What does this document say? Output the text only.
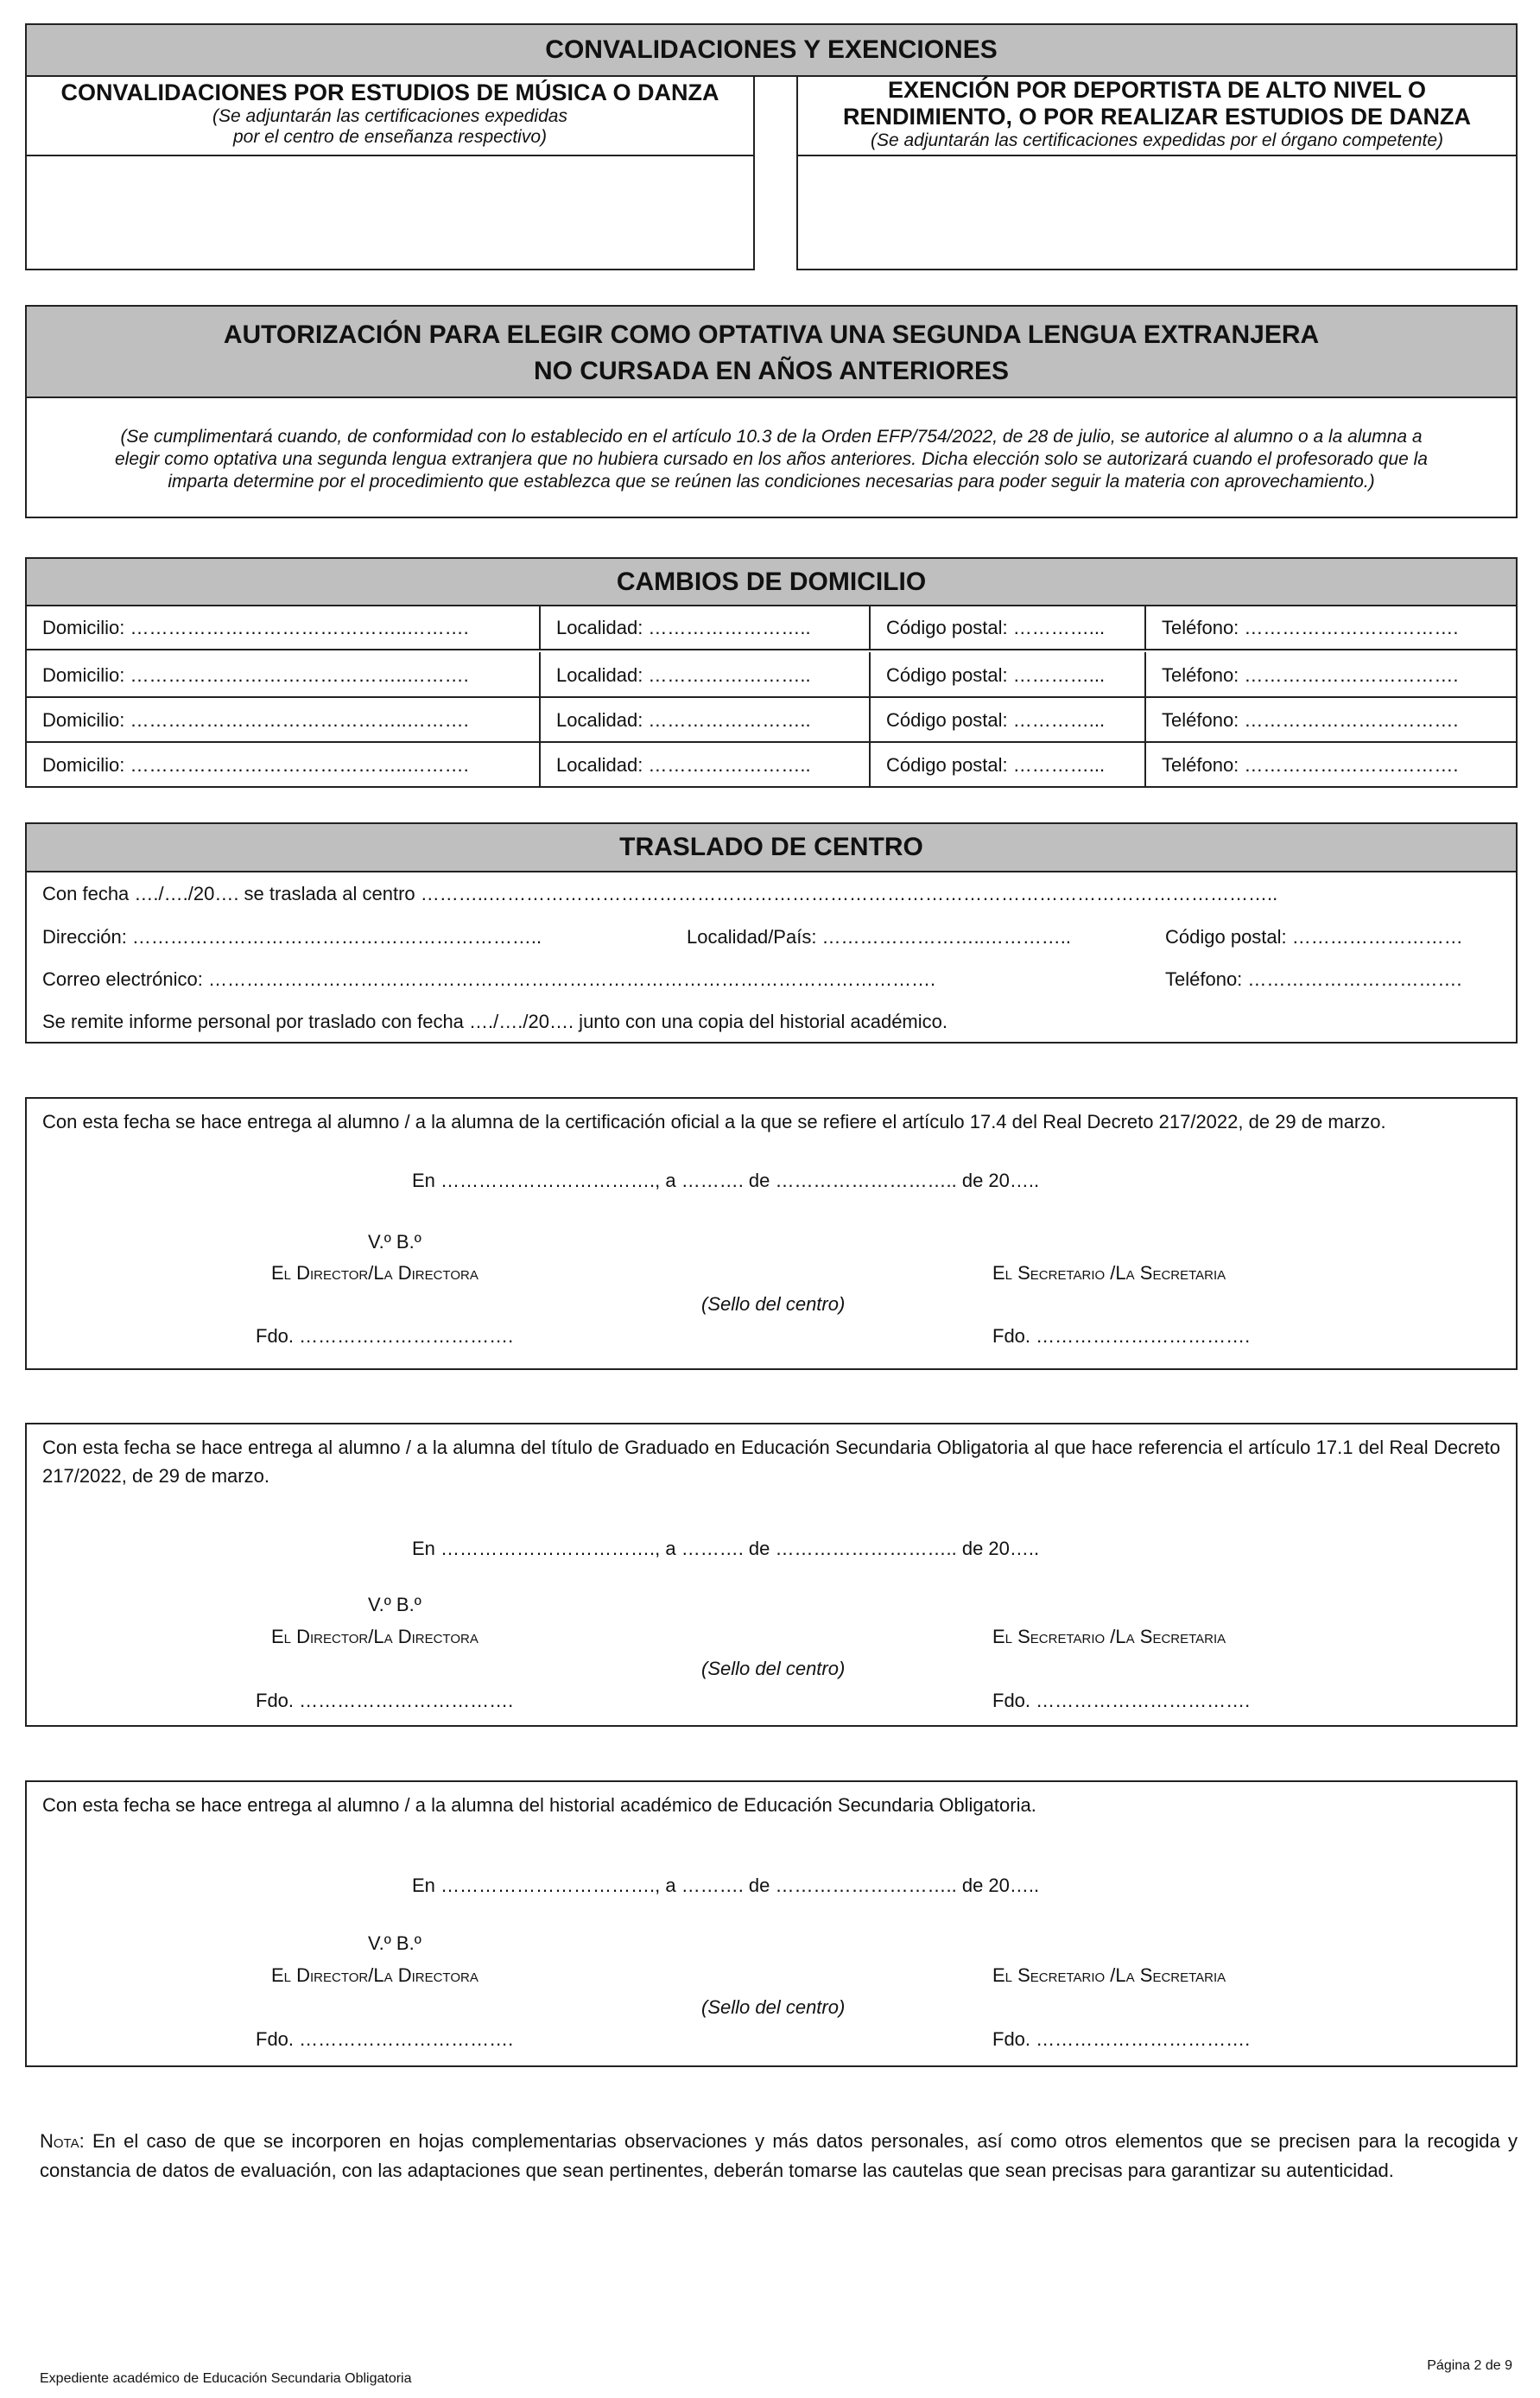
CONVALIDACIONES Y EXENCIONES
CONVALIDACIONES POR ESTUDIOS DE MÚSICA O DANZA
(Se adjuntarán las certificaciones expedidas
por el centro de enseñanza respectivo)
EXENCIÓN POR DEPORTISTA DE ALTO NIVEL O
RENDIMIENTO, O POR REALIZAR ESTUDIOS DE DANZA
(Se adjuntarán las certificaciones expedidas por el órgano competente)
AUTORIZACIÓN PARA ELEGIR COMO OPTATIVA UNA SEGUNDA LENGUA EXTRANJERA
NO CURSADA EN AÑOS ANTERIORES
(Se cumplimentará cuando, de conformidad con lo establecido en el artículo 10.3 de la Orden EFP/754/2022, de 28 de julio, se autorice al alumno o a la alumna a
elegir como optativa una segunda lengua extranjera que no hubiera cursado en los años anteriores. Dicha elección solo se autorizará cuando el profesorado que la
imparta determine por el procedimiento que establezca que se reúnen las condiciones necesarias para poder seguir la materia con aprovechamiento.)
CAMBIOS DE DOMICILIO
Domicilio: ……………………………………..……….	Localidad: ……………………..	Código postal: …………...	Teléfono: …………………………….
Domicilio: ……………………………………..……….	Localidad: ……………………..	Código postal: …………...	Teléfono: …………………………….
Domicilio: ……………………………………..……….	Localidad: ……………………..	Código postal: …………...	Teléfono: …………………………….
Domicilio: ……………………………………..……….	Localidad: ……………………..	Código postal: …………...	Teléfono: …………………………….
TRASLADO DE CENTRO
Con fecha …./…./20…. se traslada al centro ………..……………………………………………………………………………………………………………..
Dirección: ………………………………………………………..	Localidad/País: ……………………..…………..	Código postal: ………………………
Correo electrónico: …………………………………………………………………………………………………….	Teléfono: …………………………….
Se remite informe personal por traslado con fecha …./…./20…. junto con una copia del historial académico.
Con esta fecha se hace entrega al alumno / a la alumna de la certificación oficial a la que se refiere el artículo 17.4 del Real Decreto 217/2022, de 29 de marzo.
En ……………………………., a ………. de ……………………….. de 20…..
V.º B.º
El Director/La Directora	El Secretario /La Secretaria
(Sello del centro)
Fdo. …………………………….	Fdo. …………………………….
Con esta fecha se hace entrega al alumno / a la alumna del título de Graduado en Educación Secundaria Obligatoria al que hace referencia el artículo 17.1 del Real Decreto 217/2022, de 29 de marzo.
En ……………………………., a ………. de ……………………….. de 20…..
V.º B.º
El Director/La Directora	El Secretario /La Secretaria
(Sello del centro)
Fdo. …………………………….	Fdo. …………………………….
Con esta fecha se hace entrega al alumno / a la alumna del historial académico de Educación Secundaria Obligatoria.
En ……………………………., a ………. de ……………………….. de 20…..
V.º B.º
El Director/La Directora	El Secretario /La Secretaria
(Sello del centro)
Fdo. …………………………….	Fdo. …………………………….
Nota: En el caso de que se incorporen en hojas complementarias observaciones y más datos personales, así como otros elementos que se precisen para la recogida y constancia de datos de evaluación, con las adaptaciones que sean pertinentes, deberán tomarse las cautelas que sean precisas para garantizar su autenticidad.
Expediente académico de Educación Secundaria Obligatoria
Página 2 de 9
